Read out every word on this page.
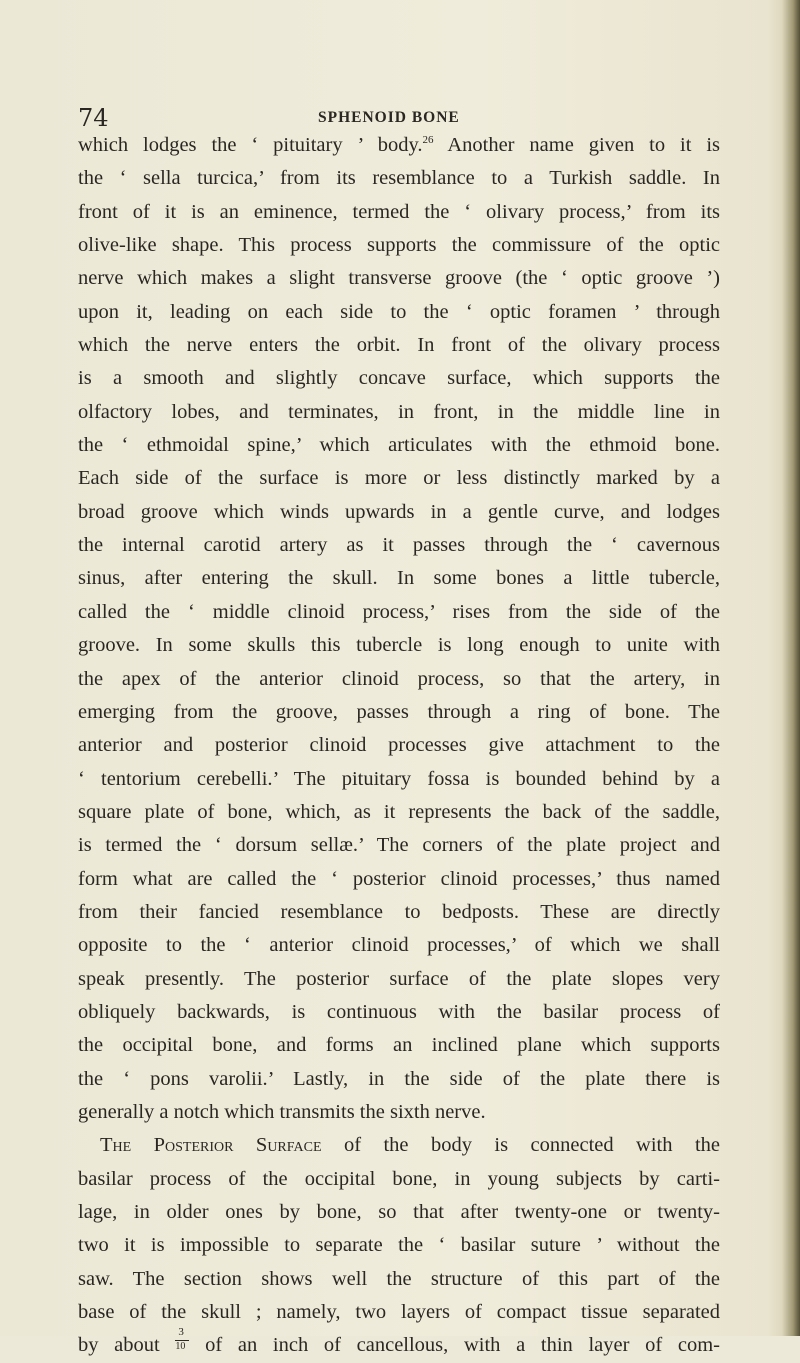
74	SPHENOID BONE
which lodges the ‘ pituitary ’ body.$^{26}$ Another name given to it is
the ‘ sella turcica,’ from its resemblance to a Turkish saddle. In
front of it is an eminence, termed the ‘ olivary process,’ from its
olive-like shape. This process supports the commissure of the optic
nerve which makes a slight transverse groove (the ‘ optic groove ’)
upon it, leading on each side to the ‘ optic foramen ’ through
which the nerve enters the orbit. In front of the olivary process
is a smooth and slightly concave surface, which supports the
olfactory lobes, and terminates, in front, in the middle line in
the ‘ ethmoidal spine,’ which articulates with the ethmoid bone.
Each side of the surface is more or less distinctly marked by a
broad groove which winds upwards in a gentle curve, and lodges
the internal carotid artery as it passes through the ‘ cavernous
sinus, after entering the skull. In some bones a little tubercle,
called the ‘ middle clinoid process,’ rises from the side of the
groove. In some skulls this tubercle is long enough to unite with
the apex of the anterior clinoid process, so that the artery, in
emerging from the groove, passes through a ring of bone. The
anterior and posterior clinoid processes give attachment to the
‘ tentorium cerebelli.’ The pituitary fossa is bounded behind by a
square plate of bone, which, as it represents the back of the saddle,
is termed the ‘ dorsum sellæ.’ The corners of the plate project and
form what are called the ‘ posterior clinoid processes,’ thus named
from their fancied resemblance to bedposts. These are directly
opposite to the ‘ anterior clinoid processes,’ of which we shall
speak presently. The posterior surface of the plate slopes very
obliquely backwards, is continuous with the basilar process of
the occipital bone, and forms an inclined plane which supports
the ‘ pons varolii.’ Lastly, in the side of the plate there is
generally a notch which transmits the sixth nerve.
The Posterior Surface of the body is connected with the
basilar process of the occipital bone, in young subjects by carti-
lage, in older ones by bone, so that after twenty-one or twenty-
two it is impossible to separate the ‘ basilar suture ’ without the
saw. The section shows well the structure of this part of the
base of the skull ; namely, two layers of compact tissue separated
by about $\frac{3}{10}$ of an inch of cancellous, with a thin layer of com-
